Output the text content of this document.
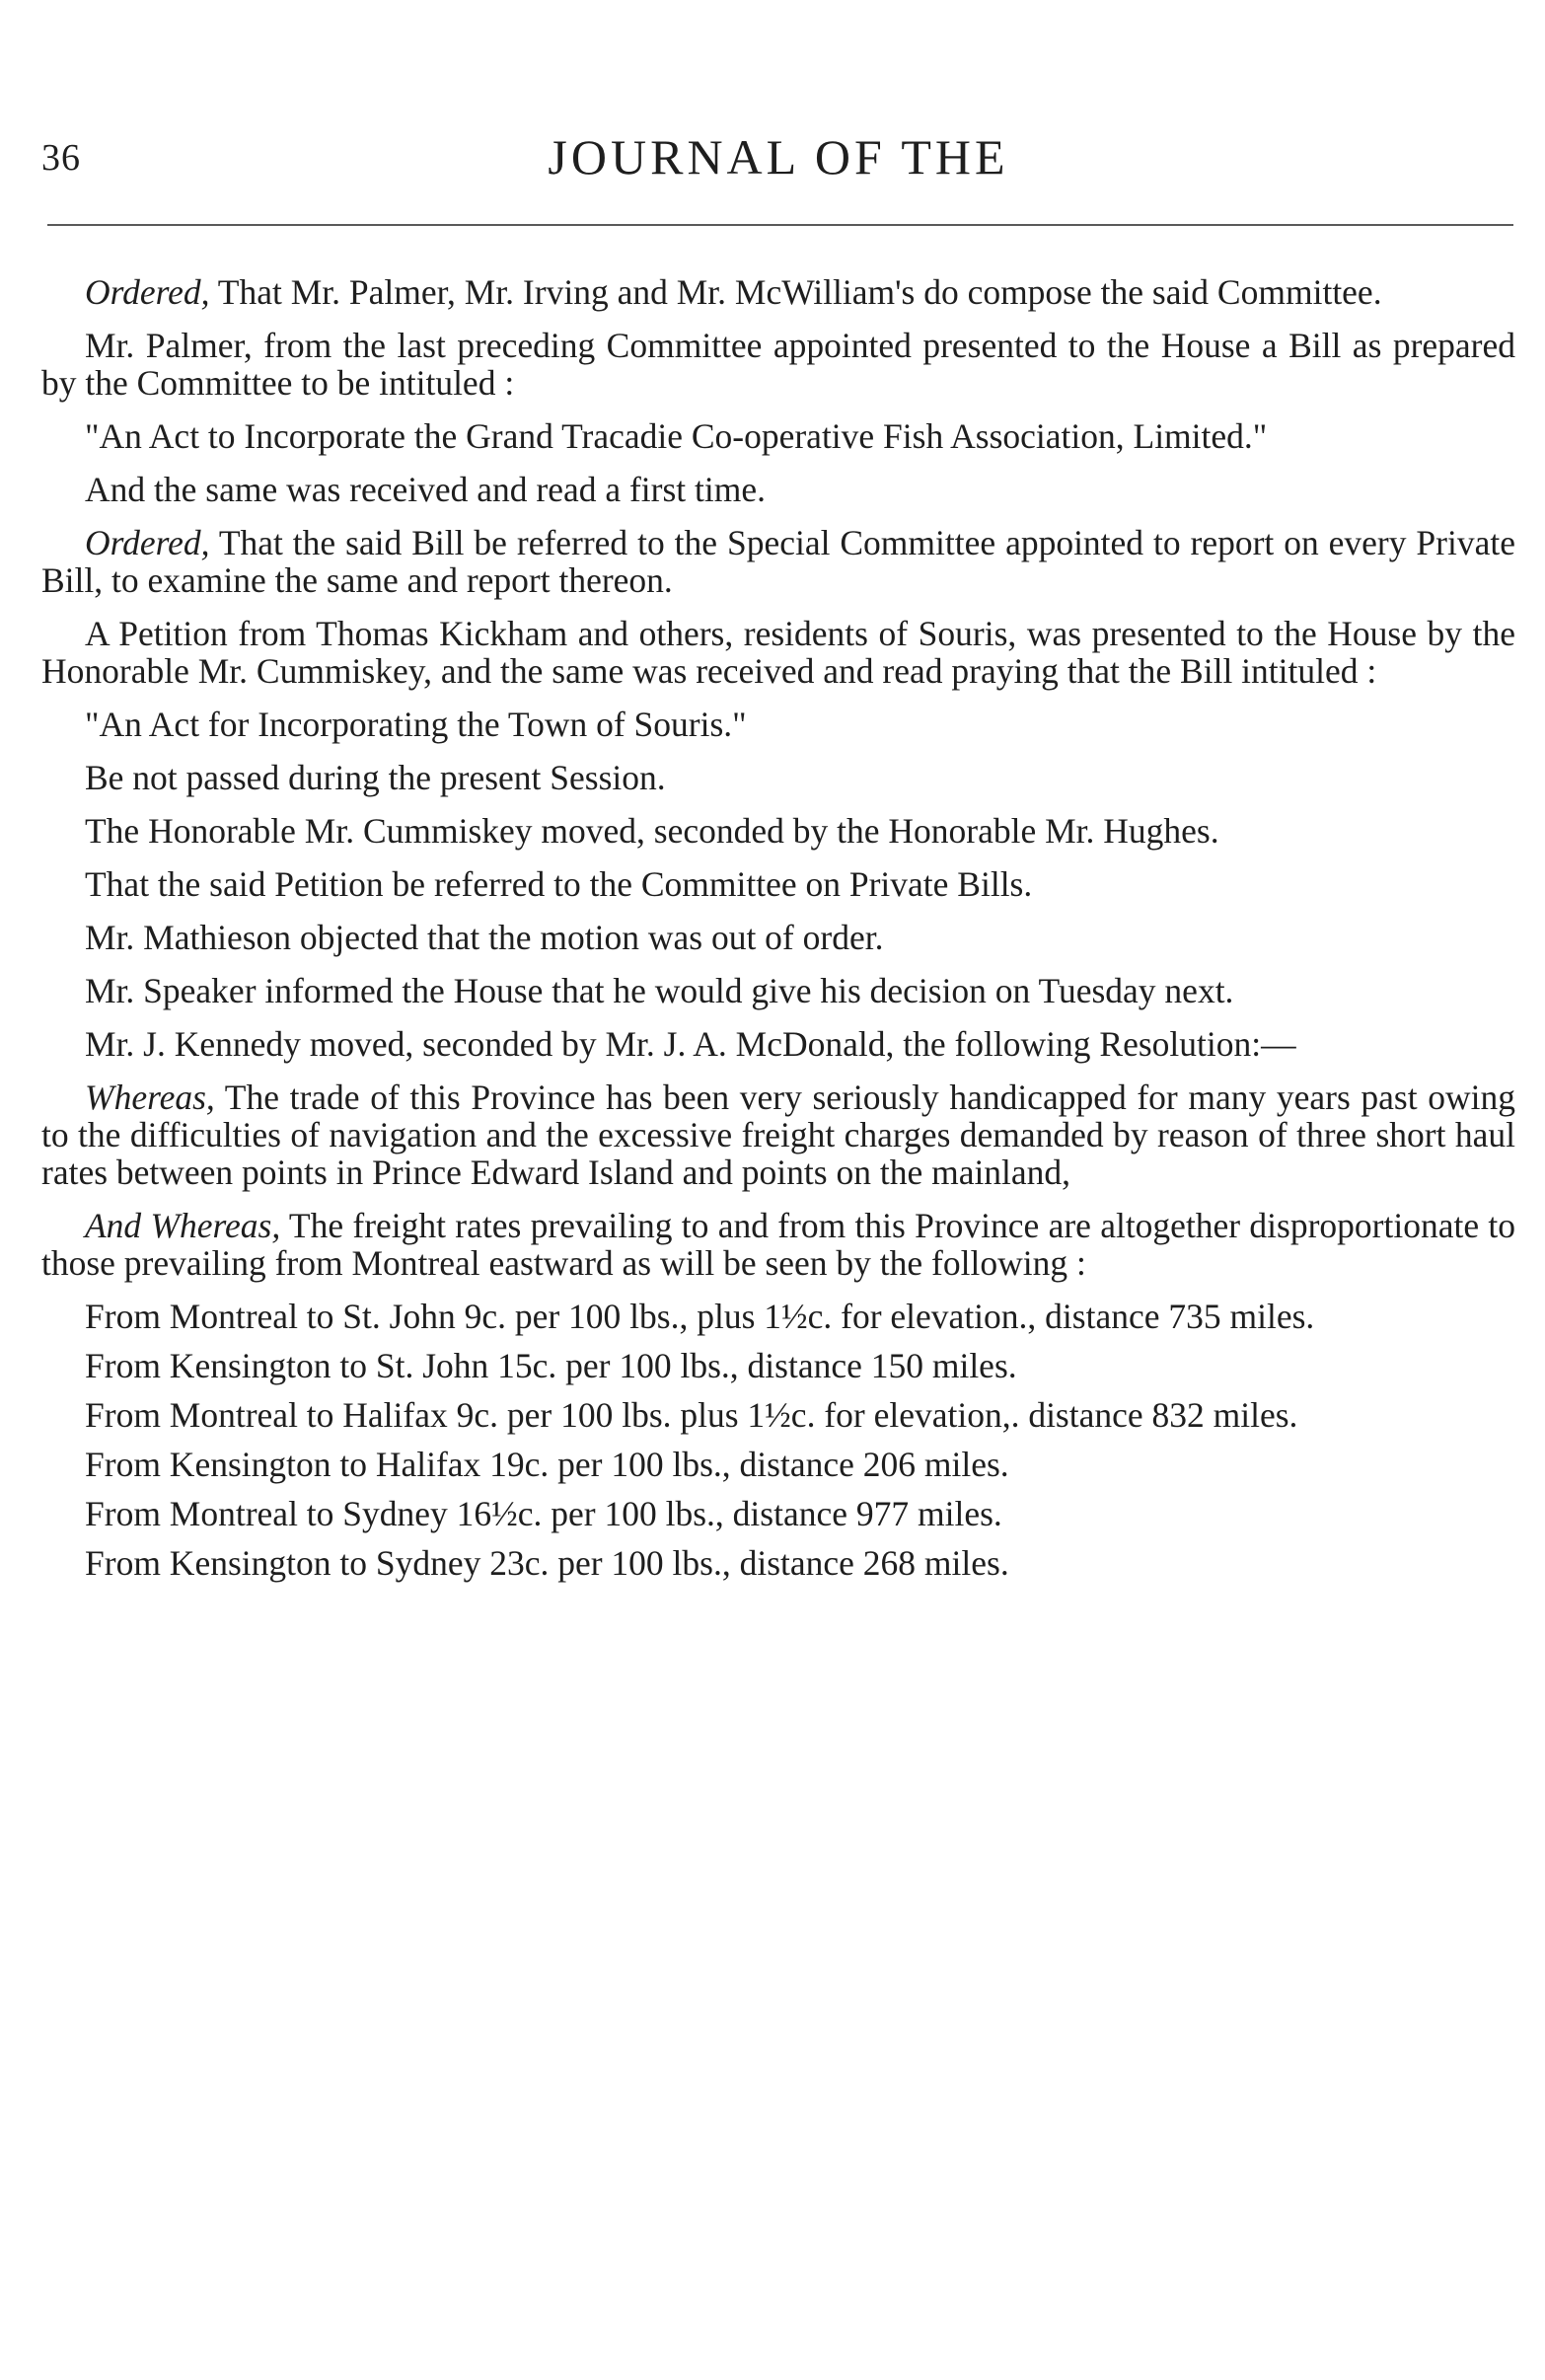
36	JOURNAL OF THE

Ordered, That Mr. Palmer, Mr. Irving and Mr. McWilliam's do compose the said Committee.

Mr. Palmer, from the last preceding Committee appointed presented to the House a Bill as prepared by the Committee to be intituled :

"An Act to Incorporate the Grand Tracadie Co-operative Fish Association, Limited."

And the same was received and read a first time.

Ordered, That the said Bill be referred to the Special Committee appointed to report on every Private Bill, to examine the same and report thereon.

A Petition from Thomas Kickham and others, residents of Souris, was presented to the House by the Honorable Mr. Cummiskey, and the same was received and read praying that the Bill intituled :

"An Act for Incorporating the Town of Souris."

Be not passed during the present Session.

The Honorable Mr. Cummiskey moved, seconded by the Honorable Mr. Hughes.

That the said Petition be referred to the Committee on Private Bills.

Mr. Mathieson objected that the motion was out of order.

Mr. Speaker informed the House that he would give his decision on Tuesday next.

Mr. J. Kennedy moved, seconded by Mr. J. A. McDonald, the following Resolution:—

Whereas, The trade of this Province has been very seriously handicapped for many years past owing to the difficulties of navigation and the excessive freight charges demanded by reason of three short haul rates between points in Prince Edward Island and points on the mainland,

And Whereas, The freight rates prevailing to and from this Province are altogether disproportionate to those prevailing from Montreal eastward as will be seen by the following :

From Montreal to St. John 9c. per 100 lbs., plus 1½c. for elevation., distance 735 miles.

From Kensington to St. John 15c. per 100 lbs., distance 150 miles.

From Montreal to Halifax 9c. per 100 lbs. plus 1½c. for elevation,. distance 832 miles.

From Kensington to Halifax 19c. per 100 lbs., distance 206 miles.

From Montreal to Sydney 16½c. per 100 lbs., distance 977 miles.

From Kensington to Sydney 23c. per 100 lbs., distance 268 miles.
